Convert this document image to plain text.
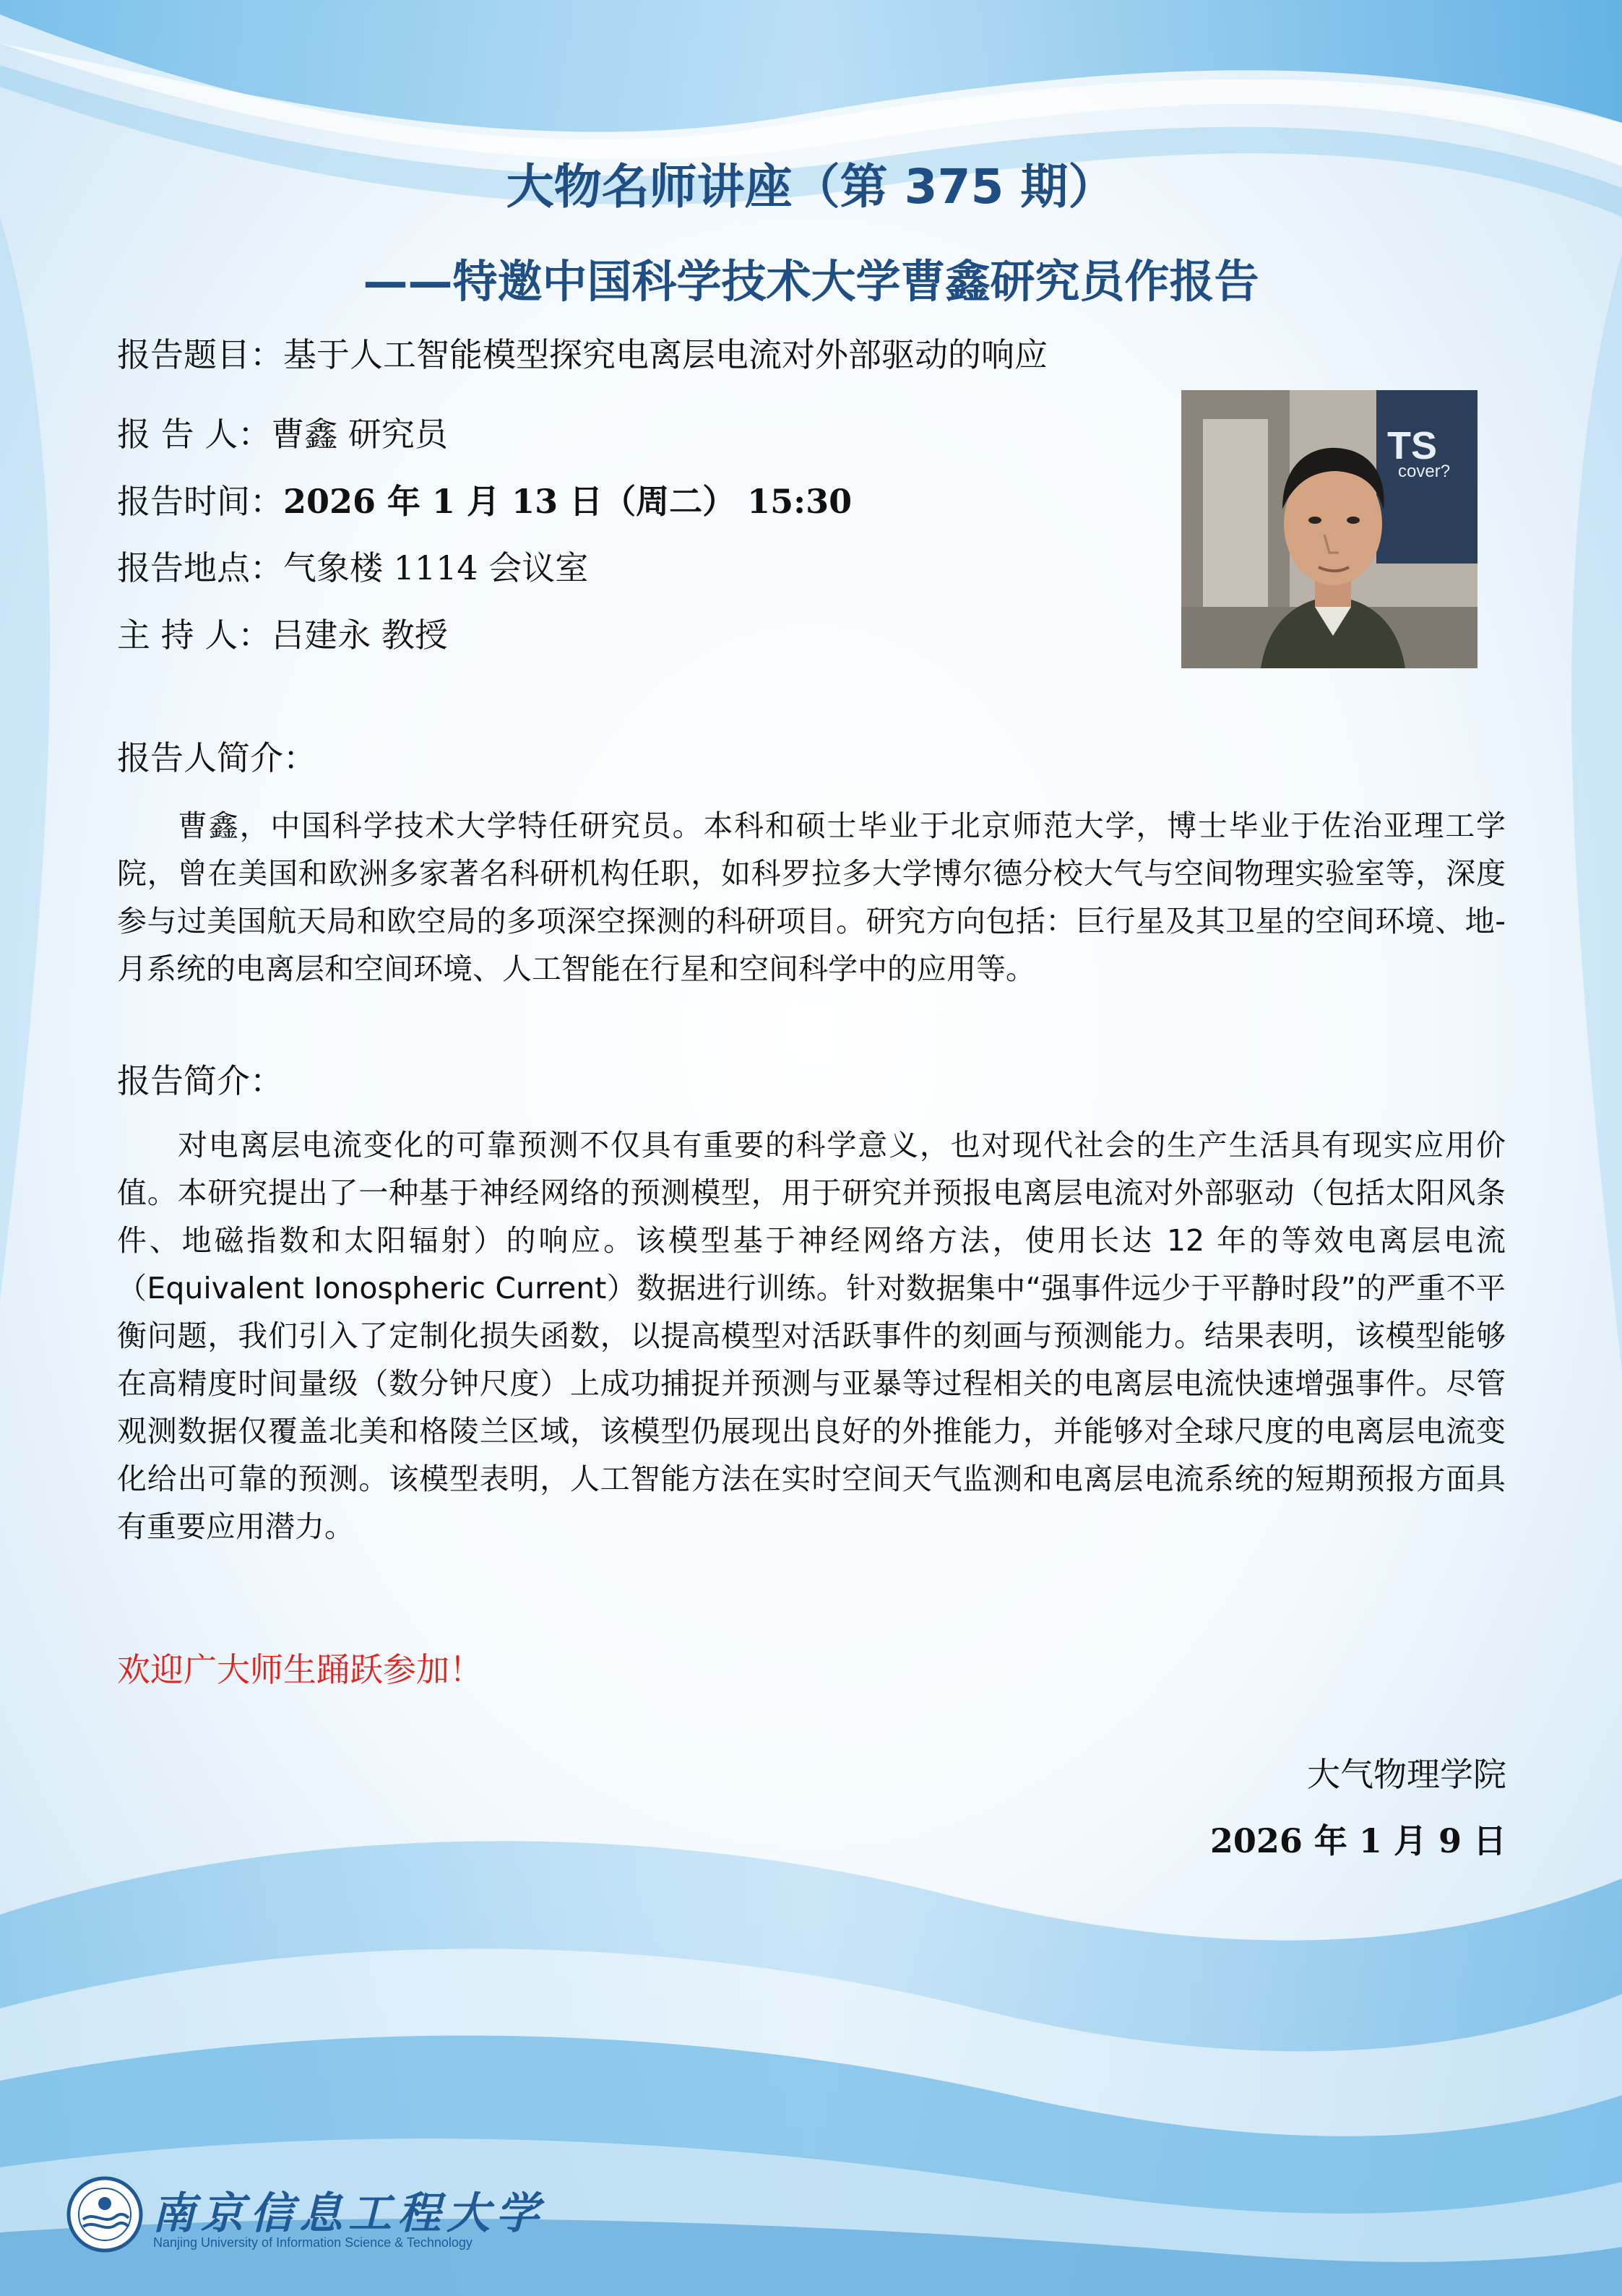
大物名师讲座（第 375 期）
——特邀中国科学技术大学曹鑫研究员作报告
报告题目：基于人工智能模型探究电离层电流对外部驱动的响应
报 告 人：曹鑫 研究员
报告时间：2026 年 1 月 13 日（周二） 15:30
报告地点：气象楼 1114 会议室
主 持 人：吕建永 教授
TS
cover?
报告人简介：

曹鑫，中国科学技术大学特任研究员。本科和硕士毕业于北京师范大学，博士毕业于佐治亚理工学院，曾在美国和欧洲多家著名科研机构任职，如科罗拉多大学博尔德分校大气与空间物理实验室等，深度参与过美国航天局和欧空局的多项深空探测的科研项目。研究方向包括：巨行星及其卫星的空间环境、地-月系统的电离层和空间环境、人工智能在行星和空间科学中的应用等。

报告简介：

对电离层电流变化的可靠预测不仅具有重要的科学意义，也对现代社会的生产生活具有现实应用价值。本研究提出了一种基于神经网络的预测模型，用于研究并预报电离层电流对外部驱动（包括太阳风条件、地磁指数和太阳辐射）的响应。该模型基于神经网络方法，使用长达 12 年的等效电离层电流（Equivalent Ionospheric Current）数据进行训练。针对数据集中“强事件远少于平静时段”的严重不平衡问题，我们引入了定制化损失函数，以提高模型对活跃事件的刻画与预测能力。结果表明，该模型能够在高精度时间量级（数分钟尺度）上成功捕捉并预测与亚暴等过程相关的电离层电流快速增强事件。尽管观测数据仅覆盖北美和格陵兰区域，该模型仍展现出良好的外推能力，并能够对全球尺度的电离层电流变化给出可靠的预测。该模型表明，人工智能方法在实时空间天气监测和电离层电流系统的短期预报方面具有重要应用潜力。

欢迎广大师生踊跃参加！
大气物理学院
2026 年 1 月 9 日
南京信息工程大学
Nanjing University of Information Science & Technology
